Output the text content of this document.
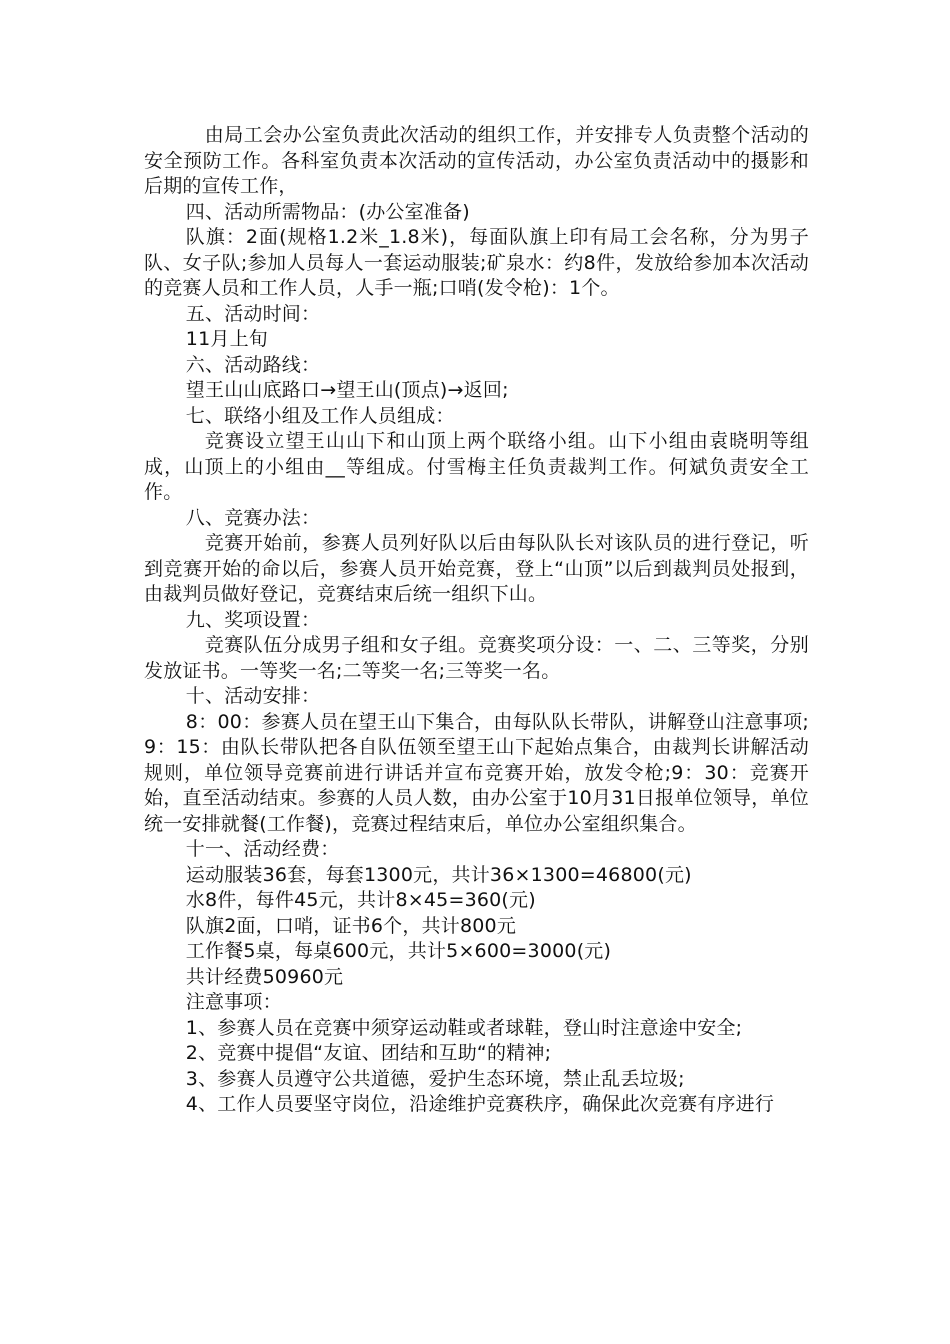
由局工会办公室负责此次活动的组织工作，并安排专人负责整个活动的安全预防工作。各科室负责本次活动的宣传活动，办公室负责活动中的摄影和后期的宣传工作，

四、活动所需物品：(办公室准备)

队旗：2面(规格1.2米_1.8米)，每面队旗上印有局工会名称，分为男子队、女子队;参加人员每人一套运动服装;矿泉水：约8件，发放给参加本次活动的竞赛人员和工作人员，人手一瓶;口哨(发令枪)：1个。

五、活动时间：

11月上旬

六、活动路线：

望王山山底路口→望王山(顶点)→返回;

七、联络小组及工作人员组成：

竞赛设立望王山山下和山顶上两个联络小组。山下小组由袁晓明等组成，山顶上的小组由__等组成。付雪梅主任负责裁判工作。何斌负责安全工作。

八、竞赛办法：

竞赛开始前，参赛人员列好队以后由每队队长对该队员的进行登记，听到竞赛开始的命以后，参赛人员开始竞赛，登上“山顶”以后到裁判员处报到，由裁判员做好登记，竞赛结束后统一组织下山。

九、奖项设置：

竞赛队伍分成男子组和女子组。竞赛奖项分设：一、二、三等奖，分别发放证书。一等奖一名;二等奖一名;三等奖一名。

十、活动安排：

8：00：参赛人员在望王山下集合，由每队队长带队，讲解登山注意事项;9：15：由队长带队把各自队伍领至望王山下起始点集合，由裁判长讲解活动规则，单位领导竞赛前进行讲话并宣布竞赛开始，放发令枪;9：30：竞赛开始，直至活动结束。参赛的人员人数，由办公室于10月31日报单位领导，单位统一安排就餐(工作餐)，竞赛过程结束后，单位办公室组织集合。

十一、活动经费：

运动服装36套，每套1300元，共计36×1300=46800(元)

水8件，每件45元，共计8×45=360(元)

队旗2面，口哨，证书6个，共计800元

工作餐5桌，每桌600元，共计5×600=3000(元)

共计经费50960元

注意事项：

1、参赛人员在竞赛中须穿运动鞋或者球鞋，登山时注意途中安全;

2、竞赛中提倡“友谊、团结和互助“的精神;

3、参赛人员遵守公共道德，爱护生态环境，禁止乱丢垃圾;

4、工作人员要坚守岗位，沿途维护竞赛秩序，确保此次竞赛有序进行
